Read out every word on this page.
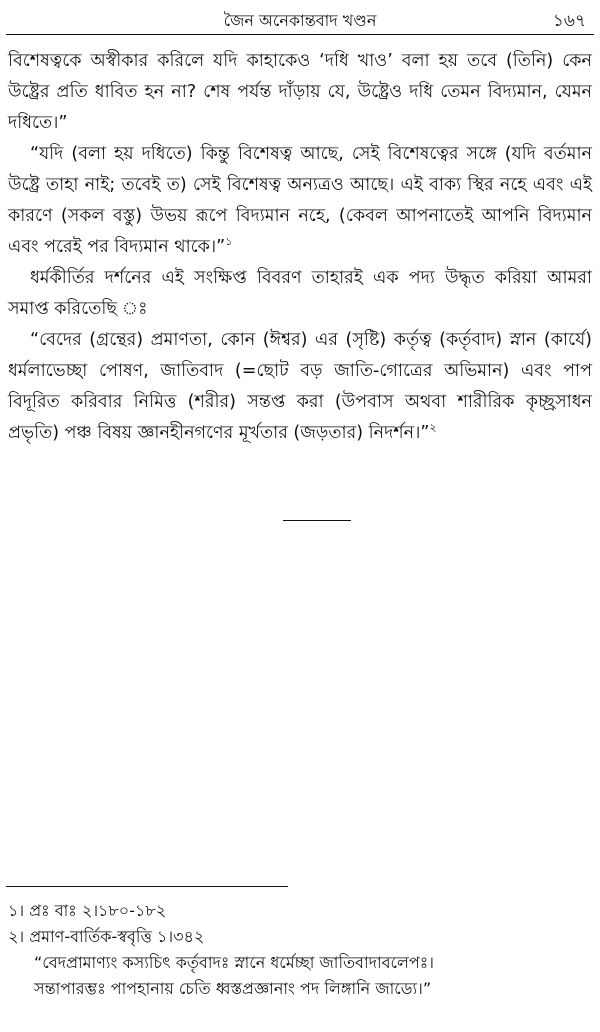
জৈন অনেকান্তবাদ খণ্ডন	১৬৭

বিশেষত্বকে অস্বীকার করিলে যদি কাহাকেও ‘দধি খাও’ বলা হয় তবে (তিনি) কেন উষ্ট্রের প্রতি ধাবিত হন না? শেষ পর্যন্ত দাঁড়ায় যে, উষ্ট্রেও দধি তেমন বিদ্যমান, যেমন দধিতে।”

“যদি (বলা হয় দধিতে) কিন্তু বিশেষত্ব আছে, সেই বিশেষত্বের সঙ্গে (যদি বর্তমান উষ্ট্রে তাহা নাই; তবেই ত) সেই বিশেষত্ব অন্যত্রও আছে। এই বাক্য স্থির নহে এবং এই কারণে (সকল বস্তু) উভয় রূপে বিদ্যমান নহে, (কেবল আপনাতেই আপনি বিদ্যমান এবং পরেই পর বিদ্যমান থাকে।”$^১$

ধর্মকীর্তির দর্শনের এই সংক্ষিপ্ত বিবরণ তাহারই এক পদ্য উদ্ধৃত করিয়া আমরা সমাপ্ত করিতেছি ঃ

“বেদের (গ্রন্থের) প্রমাণতা, কোন (ঈশ্বর) এর (সৃষ্টি) কর্তৃত্ব (কর্তৃবাদ) স্নান (কার্যে) ধর্মলাভেচ্ছা পোষণ, জাতিবাদ (=ছোট বড় জাতি-গোত্রের অভিমান) এবং পাপ বিদূরিত করিবার নিমিত্ত (শরীর) সন্তপ্ত করা (উপবাস অথবা শারীরিক কৃচ্ছ্রসাধন প্রভৃতি) পঞ্চ বিষয় জ্ঞানহীনগণের মূর্খতার (জড়তার) নিদর্শন।”$^২$

১। প্রঃ বাঃ ২।১৮০-১৮২

২। প্রমাণ-বার্তিক-স্ববৃত্তি ১।৩৪২

“বেদপ্রামাণ্যং কস্যচিৎ কর্তৃবাদঃ স্নানে ধর্মেচ্ছা জাতিবাদাবলেপঃ।

সন্তাপারম্ভঃ পাপহানায় চেতি ধ্বস্তপ্রজ্ঞানাং পদ লিঙ্গানি জাড্যে।”
